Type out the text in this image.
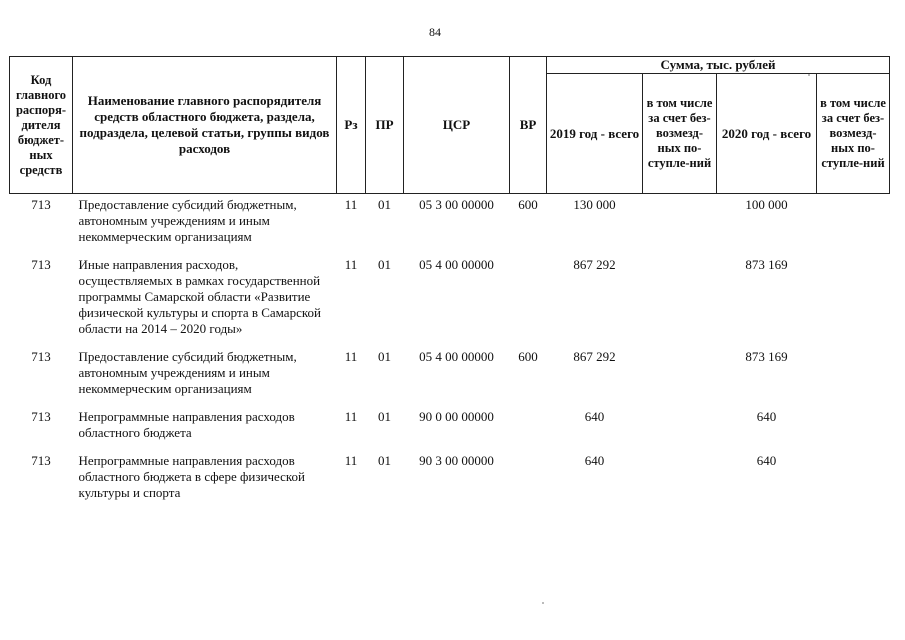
84
Код главного распоря-дителя бюджет-ных средств	Наименование главного распорядителя средств областного бюджета, раздела, подраздела, целевой статьи, группы видов расходов	Рз	ПР	ЦСР	ВР	Сумма, тыс. рублей			
						2019 год - всего	в том числе за счет без-возмезд-ных по-ступле-ний	2020 год - всего	в том числе за счет без-возмезд-ных по-ступле-ний
713	Предоставление субсидий бюджетным, автономным учреждениям и иным некоммерческим организациям	11	01	05 3 00 00000	600	130 000		100 000	
713	Иные направления расходов, осуществляемых в рамках государственной программы Самарской области «Развитие физической культуры и спорта в Самарской области на 2014 – 2020 годы»	11	01	05 4 00 00000		867 292		873 169	
713	Предоставление субсидий бюджетным, автономным учреждениям и иным некоммерческим организациям	11	01	05 4 00 00000	600	867 292		873 169	
713	Непрограммные направления расходов областного бюджета	11	01	90 0 00 00000		640		640	
713	Непрограммные направления расходов областного бюджета в сфере физической культуры и спорта	11	01	90 3 00 00000		640		640	
